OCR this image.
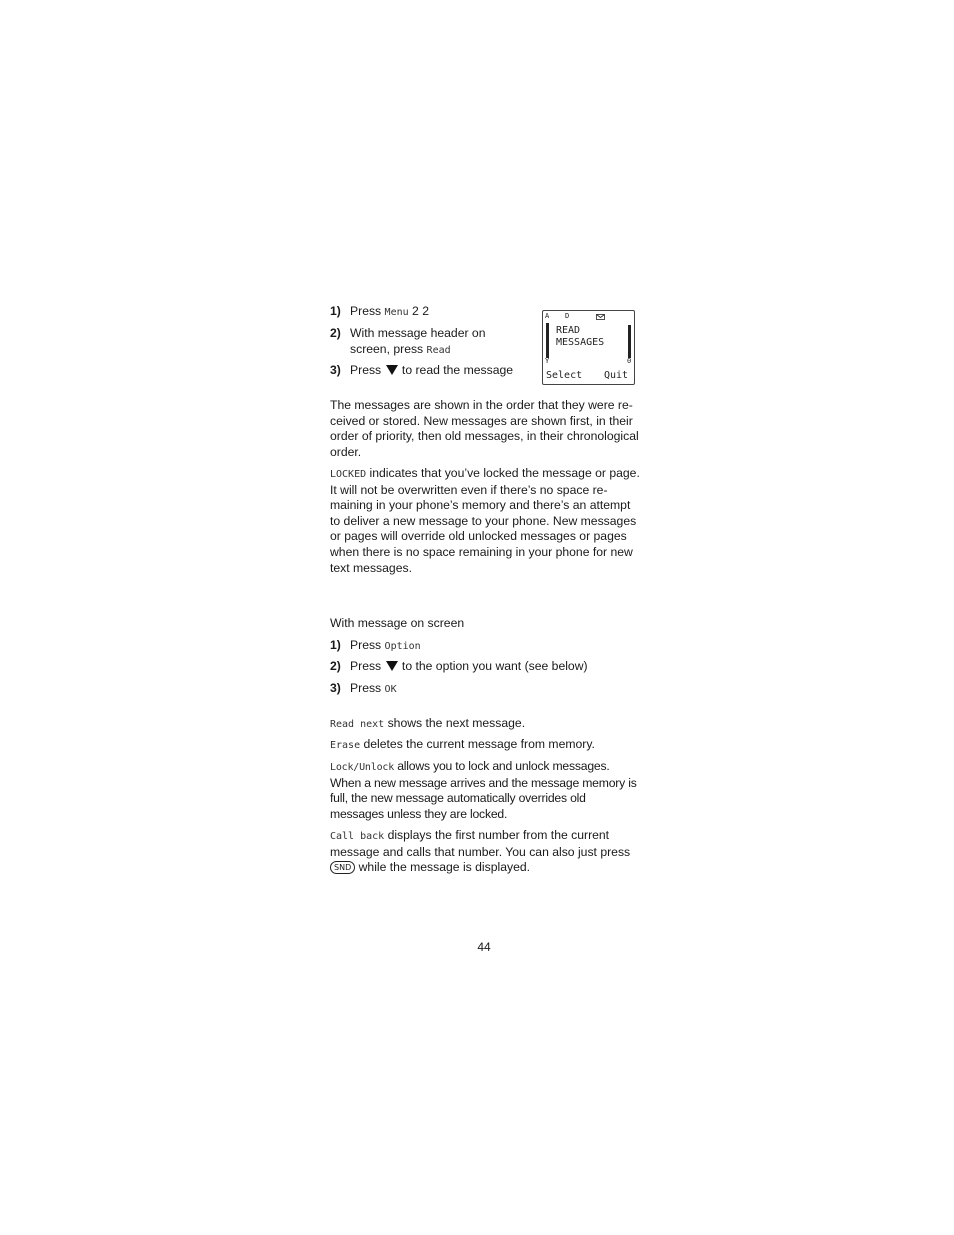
1) Press Menu 2 2
2) With message header on
screen, press Read
3) Press  to read the message
A D
Y	0
READ
MESSAGES
Select Quit
The messages are shown in the order that they were re-ceived or stored. New messages are shown first, in their order of priority, then old messages, in their chronological order.
LOCKED indicates that you’ve locked the message or page. It will not be overwritten even if there’s no space re-maining in your phone’s memory and there’s an attempt to deliver a new message to your phone. New messages or pages will override old unlocked messages or pages when there is no space remaining in your phone for new text messages.
With message on screen
1) Press Option
2) Press  to the option you want (see below)
3) Press OK
Read next shows the next message.
Erase deletes the current message from memory.
Lock/Unlock allows you to lock and unlock messages. When a new message arrives and the message memory is full, the new message automatically overrides old messages unless they are locked.
Call back displays the first number from the current message and calls that number. You can also just press SND while the message is displayed.
44
